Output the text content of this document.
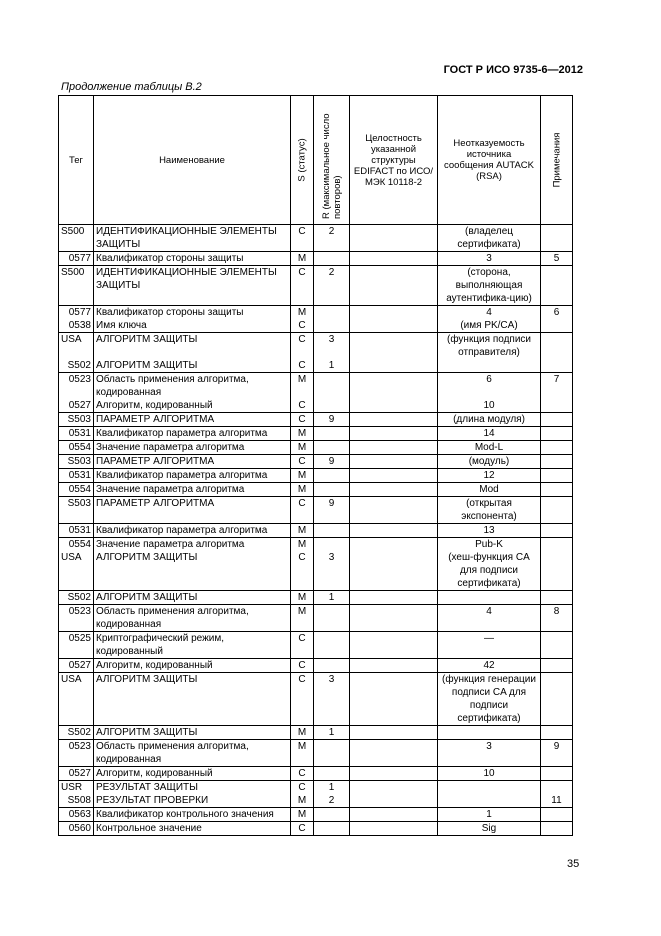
ГОСТ Р ИСО 9735-6—2012
Продолжение таблицы В.2
Тег	Наименование	S (статус)	R (максимальное число повторов)	Целостность указанной структуры EDIFACT по ИСО/МЭК 10118-2	Неотказуемость источника сообщения AUTACK (RSA)	Примечания

S500	ИДЕНТИФИКАЦИОННЫЕ ЭЛЕМЕНТЫ ЗАЩИТЫ	C	2		(владелец сертификата)	
0577	Квалификатор стороны защиты	M			3	5
S500	ИДЕНТИФИКАЦИОННЫЕ ЭЛЕМЕНТЫ ЗАЩИТЫ	C	2		(сторона, выполняющая аутентифика-цию)	
0577	Квалификатор стороны защиты	M			4	6
0538	Имя ключа	C			(имя PK/CA)	
USA	АЛГОРИТМ ЗАЩИТЫ	C	3		(функция подписи отправителя)	
S502	АЛГОРИТМ ЗАЩИТЫ	C	1			
0523	Область применения алгоритма, кодированная	M			6	7
0527	Алгоритм, кодированный	C			10	
S503	ПАРАМЕТР АЛГОРИТМА	C	9		(длина модуля)	
0531	Квалификатор параметра алгоритма	M			14	
0554	Значение параметра алгоритма	M			Mod-L	
S503	ПАРАМЕТР АЛГОРИТМА	C	9		(модуль)	
0531	Квалификатор параметра алгоритма	M			12	
0554	Значение параметра алгоритма	M			Mod	
S503	ПАРАМЕТР АЛГОРИТМА	C	9		(открытая экспонента)	
0531	Квалификатор параметра алгоритма	M			13	
0554	Значение параметра алгоритма	M			Pub-K	
USA	АЛГОРИТМ ЗАЩИТЫ	C	3		(хеш-функция CA для подписи сертификата)	
S502	АЛГОРИТМ ЗАЩИТЫ	M	1			
0523	Область применения алгоритма, кодированная	M			4	8
0525	Криптографический режим, кодированный	C			—	
0527	Алгоритм, кодированный	C			42	
USA	АЛГОРИТМ ЗАЩИТЫ	C	3		(функция генерации подписи CA для подписи сертификата)	
S502	АЛГОРИТМ ЗАЩИТЫ	M	1			
0523	Область применения алгоритма, кодированная	M			3	9
0527	Алгоритм, кодированный	C			10	
USR	РЕЗУЛЬТАТ ЗАЩИТЫ	C	1			
S508	РЕЗУЛЬТАТ ПРОВЕРКИ	M	2			11
0563	Квалификатор контрольного значения	M			1	
0560	Контрольное значение	C			Sig	
35
